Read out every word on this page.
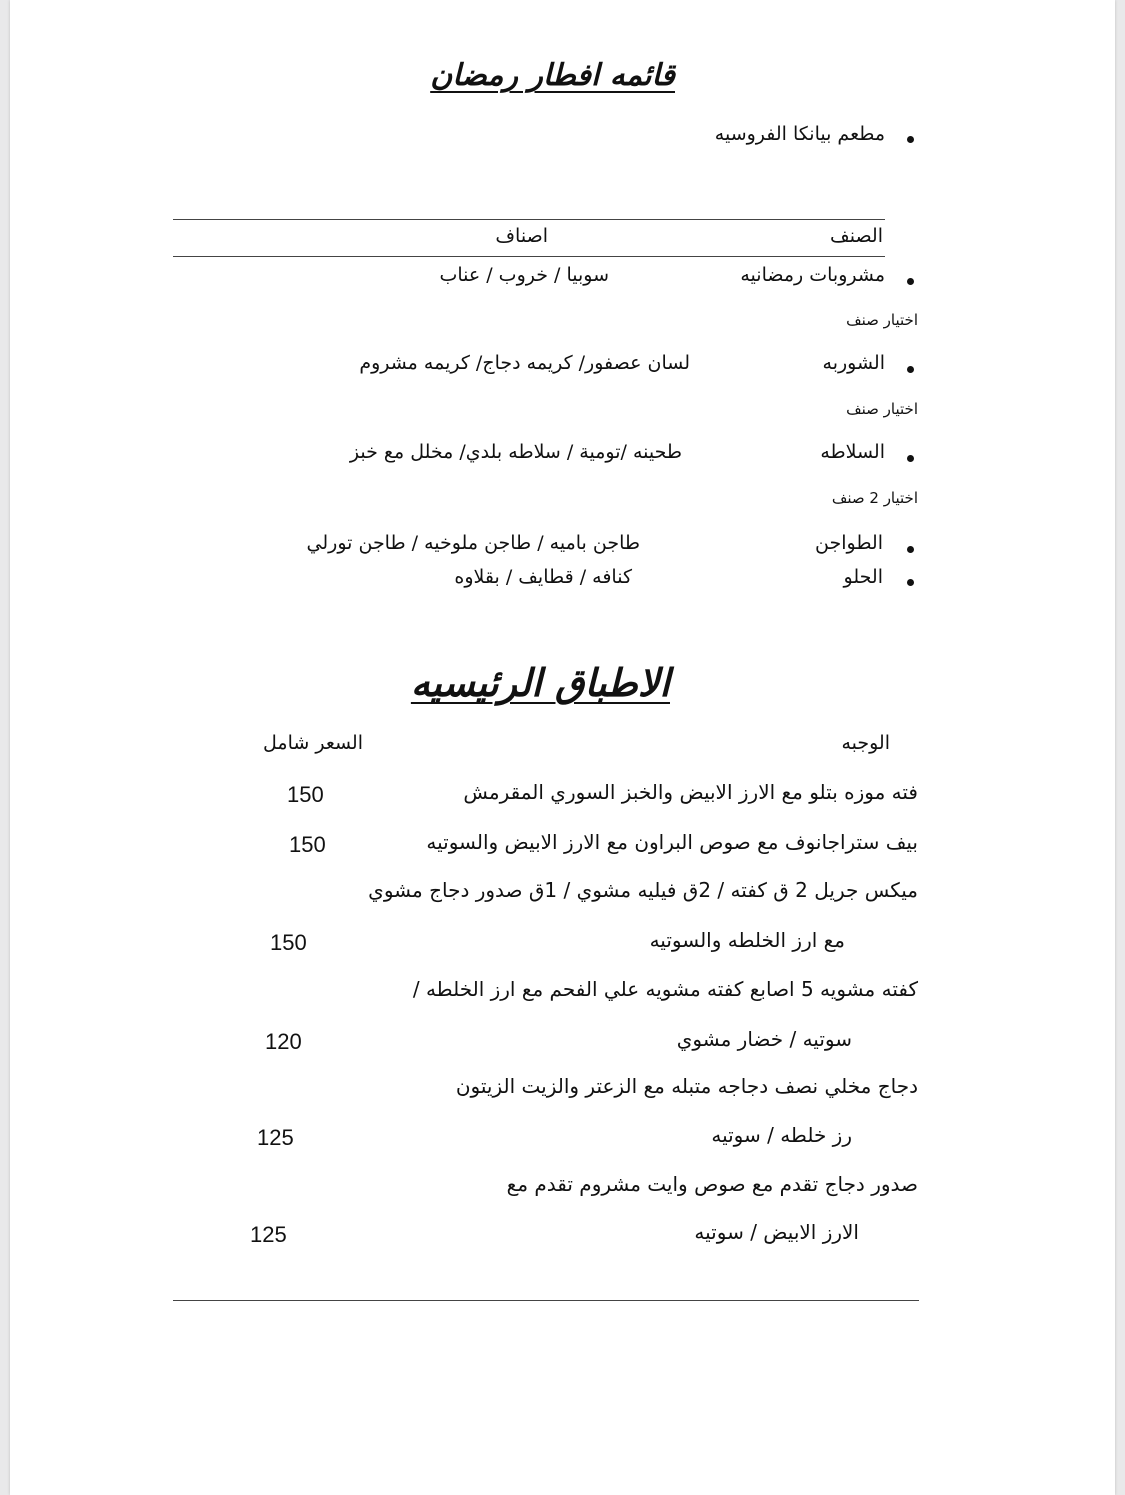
قائمه افطار رمضان
مطعم بيانكا الفروسيه
الصنف
اصناف
مشروبات رمضانيه
سوبيا / خروب / عناب
اختيار صنف
الشوربه
لسان عصفور/ كريمه دجاج/ كريمه مشروم
اختيار صنف
السلاطه
طحينه /تومية / سلاطه بلدي/ مخلل مع خبز
اختيار 2 صنف
الطواجن
طاجن باميه / طاجن ملوخيه / طاجن تورلي
الحلو
كنافه / قطايف / بقلاوه
الاطباق الرئيسيه
الوجبه
السعر شامل
فته موزه بتلو مع الارز الابيض والخبز السوري المقرمش
150
بيف ستراجانوف مع صوص البراون مع الارز الابيض والسوتيه
150
ميكس جريل 2 ق كفته / 2ق فيليه مشوي / 1ق صدور دجاج مشوي
مع ارز الخلطه والسوتيه
150
كفته مشويه 5 اصابع كفته مشويه علي الفحم مع ارز الخلطه /
سوتيه / خضار مشوي
120
دجاج مخلي نصف دجاجه متبله مع الزعتر والزيت الزيتون
رز خلطه / سوتيه
125
صدور دجاج تقدم مع صوص وايت مشروم تقدم مع
الارز الابيض / سوتيه
125
